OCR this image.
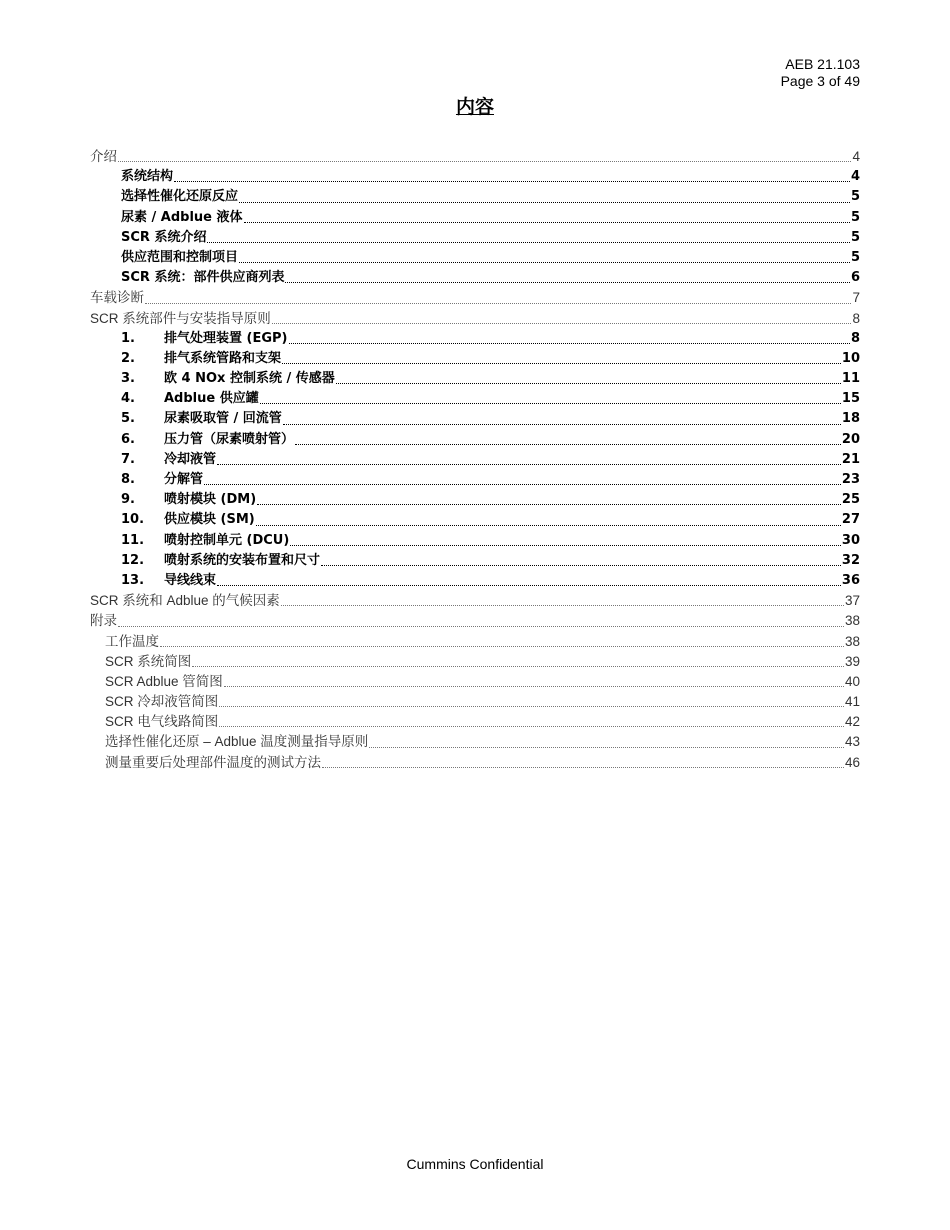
AEB 21.103
Page 3 of 49
内容
介绍	4
系统结构	4
选择性催化还原反应	5
尿素 / Adblue 液体	5
SCR 系统介绍	5
供应范围和控制项目	5
SCR 系统：部件供应商列表	6
车载诊断	7
SCR 系统部件与安装指导原则	8
1.	排气处理装置 (EGP)	8
2.	排气系统管路和支架	10
3.	欧 4 NOx 控制系统 / 传感器	11
4.	Adblue 供应罐	15
5.	尿素吸取管 / 回流管	18
6.	压力管（尿素喷射管）	20
7.	冷却液管	21
8.	分解管	23
9.	喷射模块 (DM)	25
10.	供应模块 (SM)	27
11.	喷射控制单元 (DCU)	30
12.	喷射系统的安装布置和尺寸	32
13.	导线线束	36
SCR 系统和 Adblue 的气候因素	37
附录	38
工作温度	38
SCR 系统简图	39
SCR Adblue 管简图	40
SCR 冷却液管简图	41
SCR 电气线路简图	42
选择性催化还原 – Adblue 温度测量指导原则	43
测量重要后处理部件温度的测试方法	46
Cummins Confidential
